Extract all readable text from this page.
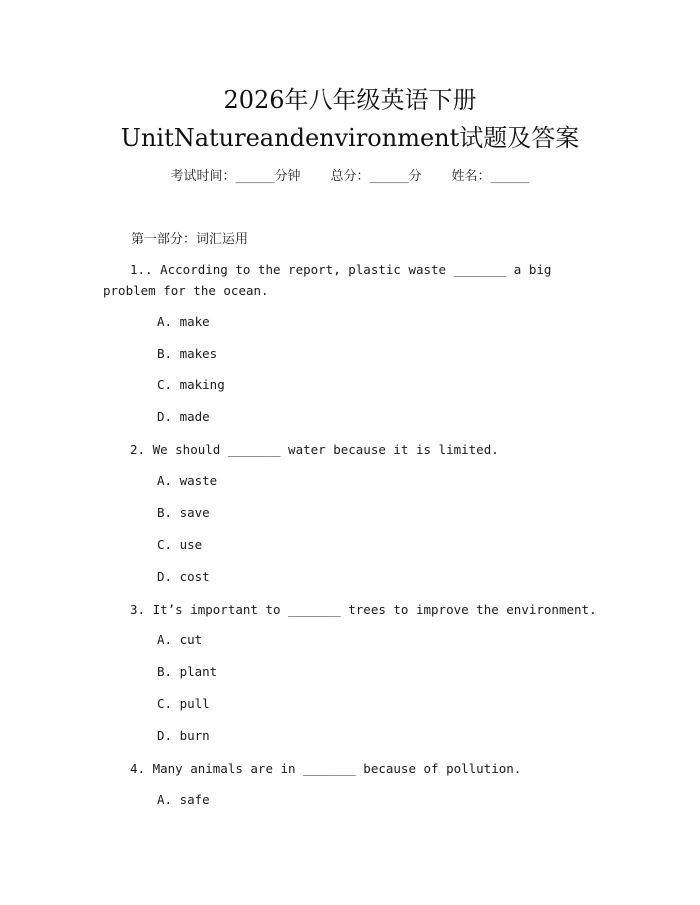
2026年八年级英语下册
UnitNatureandenvironment试题及答案
考试时间：______分钟 总分：______分 姓名：______
第一部分：词汇运用
1.. According to the report, plastic waste _______ a big problem for the ocean.
A. make
B. makes
C. making
D. made
2. We should _______ water because it is limited.
A. waste
B. save
C. use
D. cost
3. It’s important to _______ trees to improve the environment.
A. cut
B. plant
C. pull
D. burn
4. Many animals are in _______ because of pollution.
A. safe
